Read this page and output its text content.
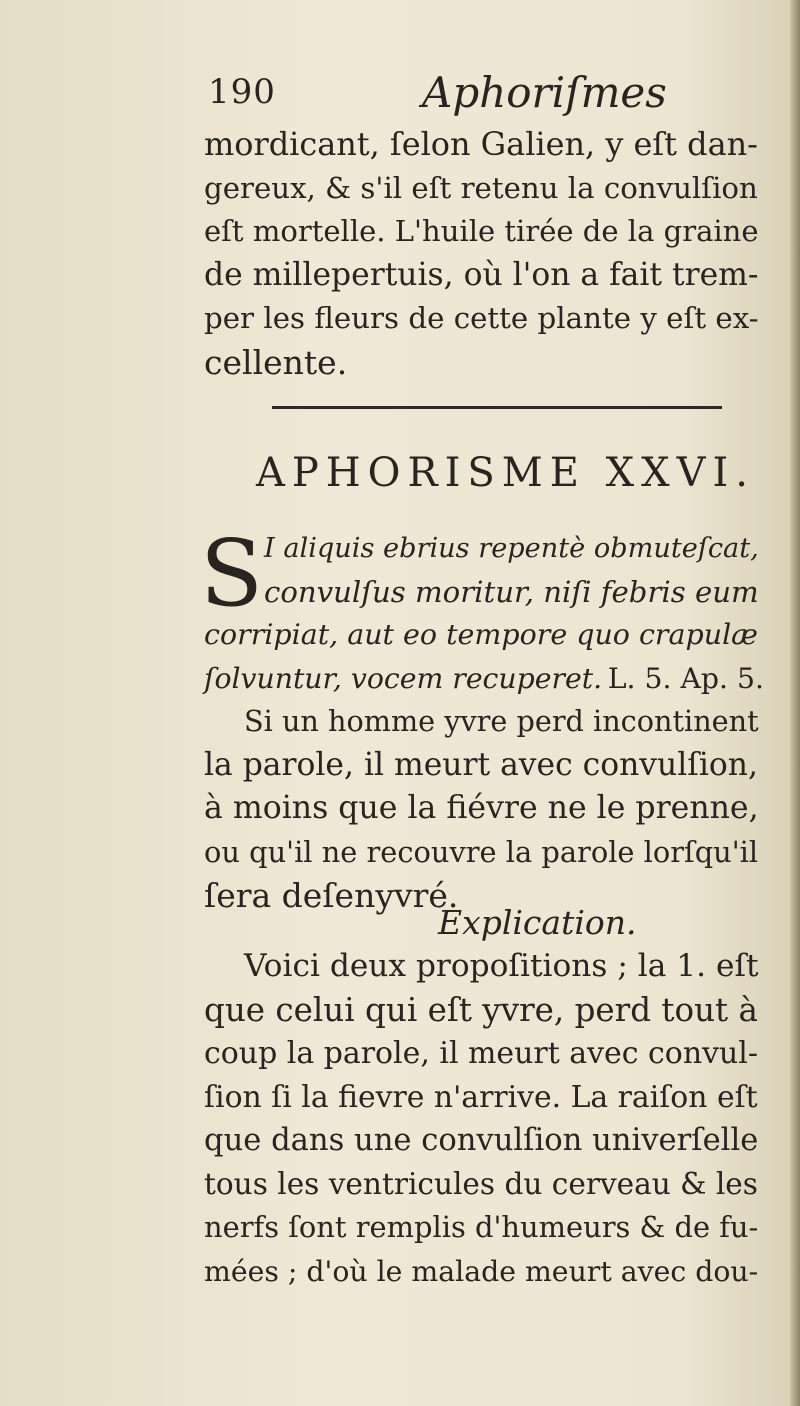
190	Aphoriſmes
mordicant, ſelon Galien, y eſt dan-
gereux, & s'il eſt retenu la convulſion
eſt mortelle. L'huile tirée de la graine
de millepertuis, où l'on a fait trem-
per les fleurs de cette plante y eſt ex-
cellente.
APHORISME XXVI.
S I aliquis ebrius repentè obmuteſcat,
convulſus moritur, niſi febris eum
corripiat, aut eo tempore quo crapulæ
ſolvuntur, vocem recuperet. L. 5. Ap. 5.
Si un homme yvre perd incontinent
la parole, il meurt avec convulſion,
à moins que la fiévre ne le prenne,
ou qu'il ne recouvre la parole lorſqu'il
ſera deſenyvré.
Explication.
Voici deux propoſitions ; la 1. eſt
que celui qui eſt yvre, perd tout à
coup la parole, il meurt avec convul-
ſion ſi la fievre n'arrive. La raiſon eſt
que dans une convulſion univerſelle
tous les ventricules du cerveau & les
nerfs ſont remplis d'humeurs & de fu-
mées ; d'où le malade meurt avec dou-
